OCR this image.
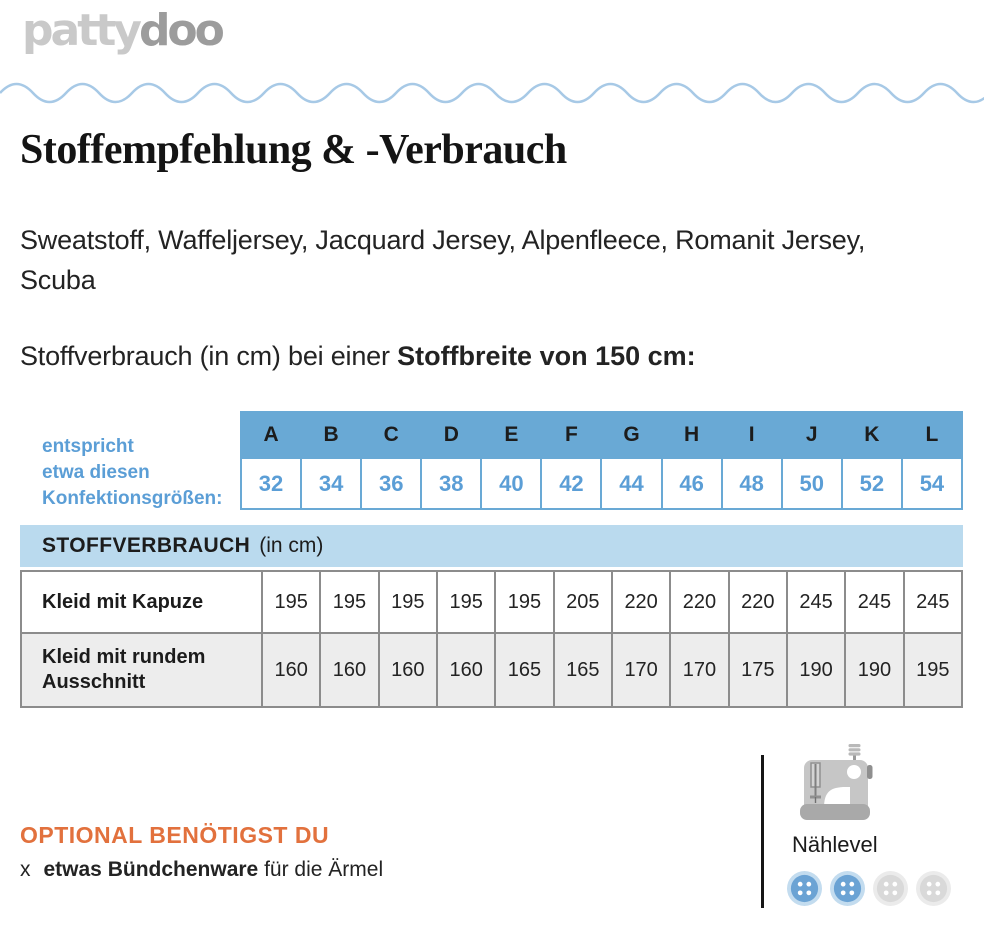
pattydoo
Stoffempfehlung & -Verbrauch

Sweatstoff, Waffeljersey, Jacquard Jersey, Alpenfleece, Romanit Jersey, Scuba

Stoffverbrauch (in cm) bei einer Stoffbreite von 150 cm:

entspricht
etwa diesen
Konfektionsgrößen:
A	B	C	D	E	F	G	H	I	J	K	L
32	34	36	38	40	42	44	46	48	50	52	54
STOFFVERBRAUCH (in cm)
Kleid mit Kapuze	195	195	195	195	195	205	220	220	220	245	245	245
Kleid mit rundem Ausschnitt	160	160	160	160	165	165	170	170	175	190	190	195
OPTIONAL BENÖTIGST DU
x etwas Bündchenware für die Ärmel
Nählevel
